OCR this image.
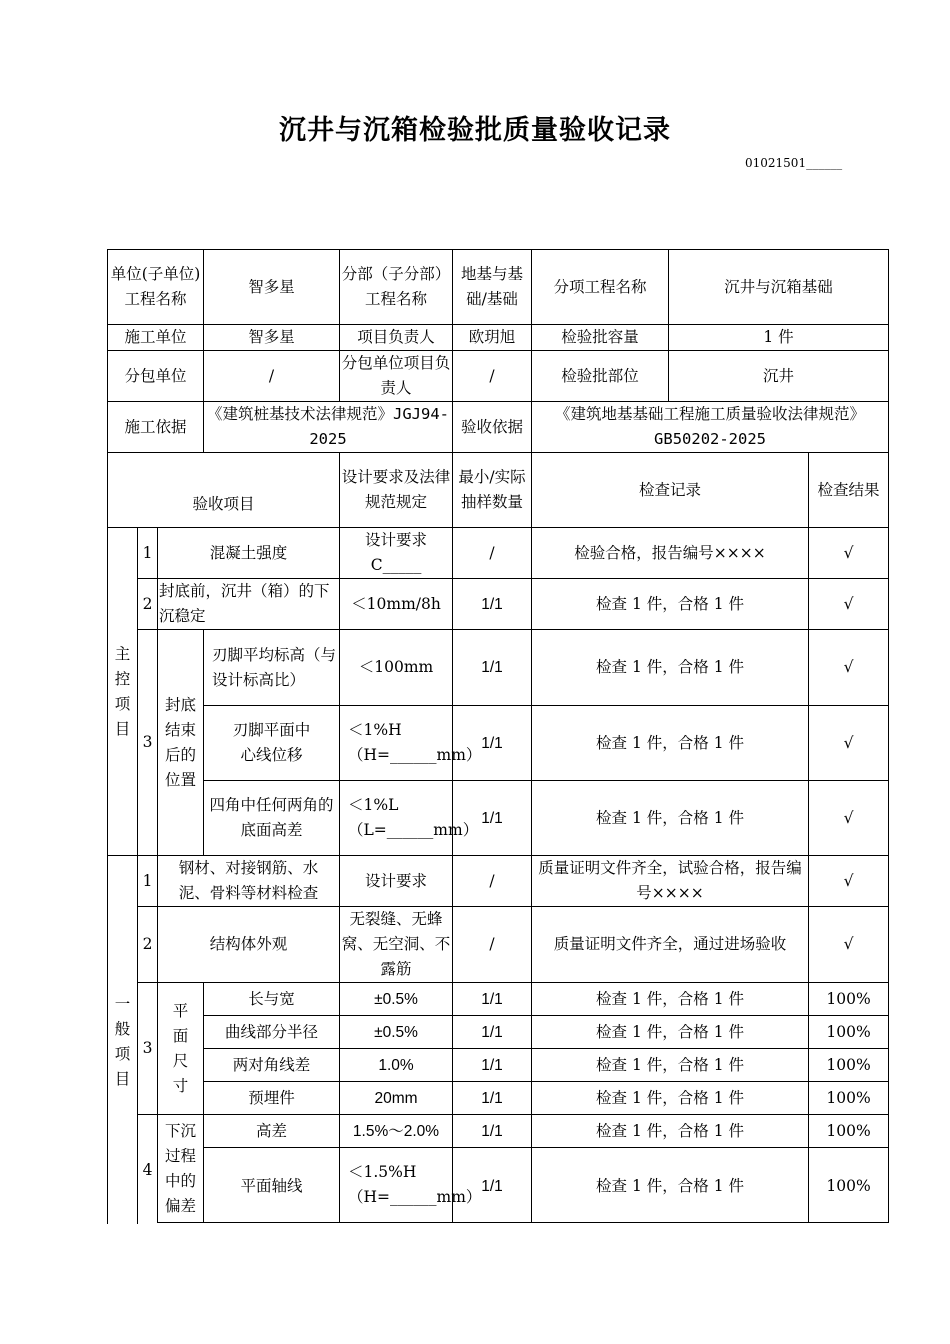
沉井与沉箱检验批质量验收记录
01021501______
单位(子单位)工程名称			智多星	分部（子分部）工程名称	地基与基础/基础	分项工程名称	沉井与沉箱基础	
施工单位			智多星	项目负责人	欧玥旭	检验批容量	1 件	
分包单位			/	分包单位项目负责人	/	检验批部位	沉井	
施工依据			《建筑桩基技术法律规范》JGJ94-2025		验收依据	《建筑地基基础工程施工质量验收法律规范》GB50202-2025		
验收项目				设计要求及法律规范规定	最小/实际抽样数量	检查记录		检查结果
主控项目	1	混凝土强度		设计要求 C_____	/	检验合格，报告编号××××		√
	2	封底前，沉井（箱）的下沉稳定		＜10mm/8h	1/1	检查 1 件，合格 1 件		√
	3	封底结束后的位置	刃脚平均标高（与设计标高比）	＜100mm	1/1	检查 1 件，合格 1 件		√
			刃脚平面中心线位移	＜1%H（H=______mm）	1/1	检查 1 件，合格 1 件		√
			四角中任何两角的底面高差	＜1%L（L=______mm）	1/1	检查 1 件，合格 1 件		√
一般项目	1	钢材、对接钢筋、水泥、骨料等材料检查		设计要求	/	质量证明文件齐全，试验合格，报告编号××××		√
	2	结构体外观		无裂缝、无蜂窝、无空洞、不露筋	/	质量证明文件齐全，通过进场验收		√
	3	平面尺寸	长与宽	±0.5%	1/1	检查 1 件，合格 1 件		100%
			曲线部分半径	±0.5%	1/1	检查 1 件，合格 1 件		100%
			两对角线差	1.0%	1/1	检查 1 件，合格 1 件		100%
			预埋件	20mm	1/1	检查 1 件，合格 1 件		100%
	4	下沉过程中的偏差	高差	1.5%～2.0%	1/1	检查 1 件，合格 1 件		100%
			平面轴线	＜1.5%H（H=______mm）	1/1	检查 1 件，合格 1 件		100%
